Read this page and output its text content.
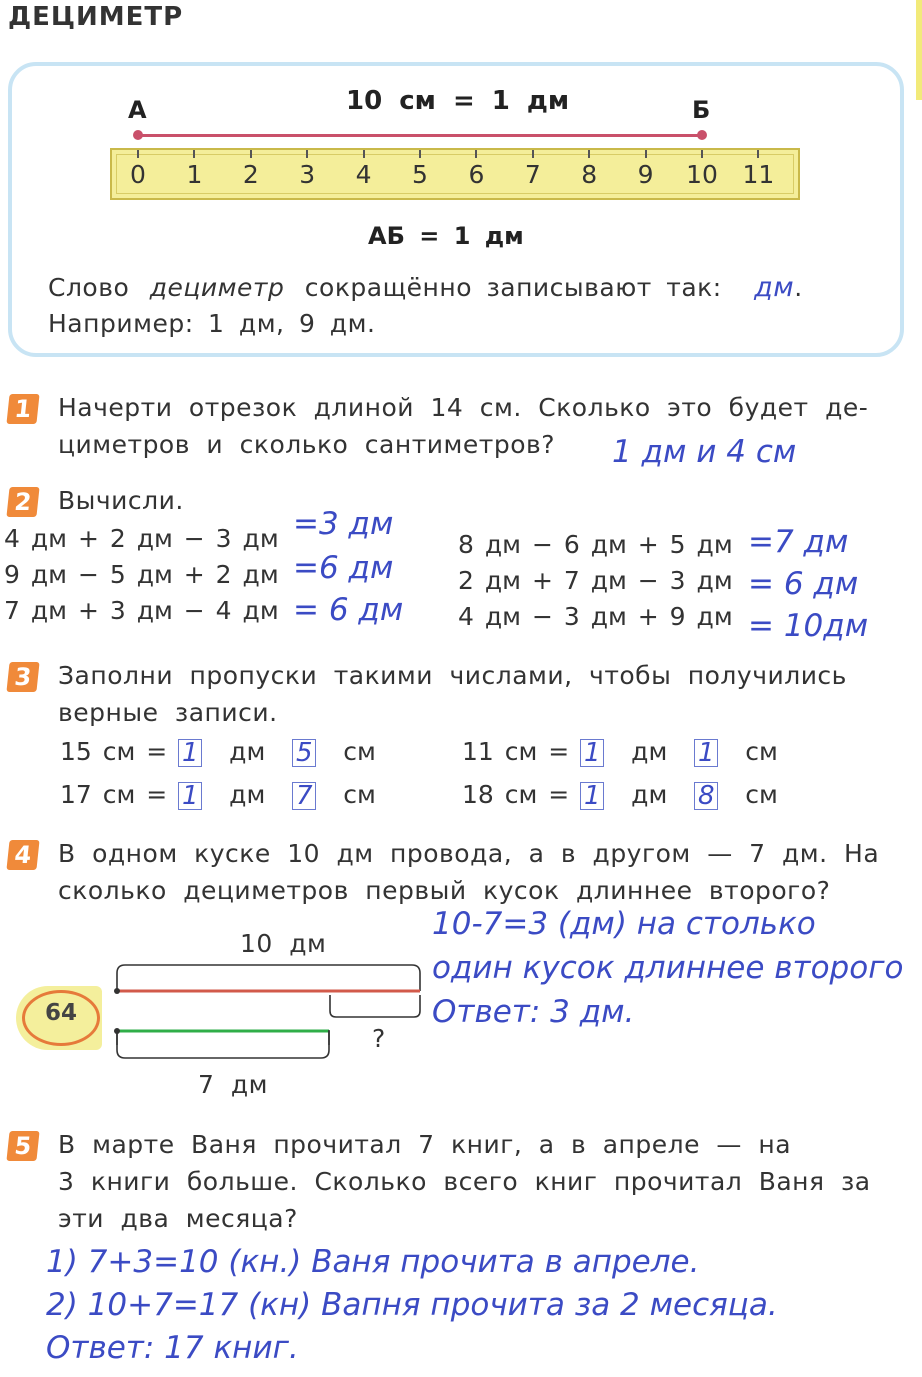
ДЕЦИМЕТР
А	Б
10 см = 1 дм
0	1	2	3	4	5	6	7	8	9	10 11
АБ = 1 дм
Слово дециметр сокращённо записывают так: дм.
Например: 1 дм, 9 дм.
1 Начерти отрезок длиной 14 см. Сколько это будет де-
циметров и сколько сантиметров? 1 дм и 4 см
2 Вычисли.
4 дм + 2 дм − 3 дм =3 дм
9 дм − 5 дм + 2 дм =6 дм
7 дм + 3 дм − 4 дм = 6 дм
8 дм − 6 дм + 5 дм =7 дм
2 дм + 7 дм − 3 дм = 6 дм
4 дм − 3 дм + 9 дм = 10дм
3 Заполни пропуски такими числами, чтобы получились
верные записи.
15 см = 1 дм 5 см
17 см = 1 дм 7 см
11 см = 1 дм 1 см
18 см = 1 дм 8 см
4 В одном куске 10 дм провода, а в другом — 7 дм. На
сколько дециметров первый кусок длиннее второго?
10 дм
?
7 дм
10-7=3 (дм) на столько
один кусок длиннее второго
Ответ: 3 дм.
64
5 В марте Ваня прочитал 7 книг, а в апреле — на
3 книги больше. Сколько всего книг прочитал Ваня за
эти два месяца?
1) 7+3=10 (кн.) Ваня прочита в апреле.
2) 10+7=17 (кн) Вапня прочита за 2 месяца.
Ответ: 17 книг.
